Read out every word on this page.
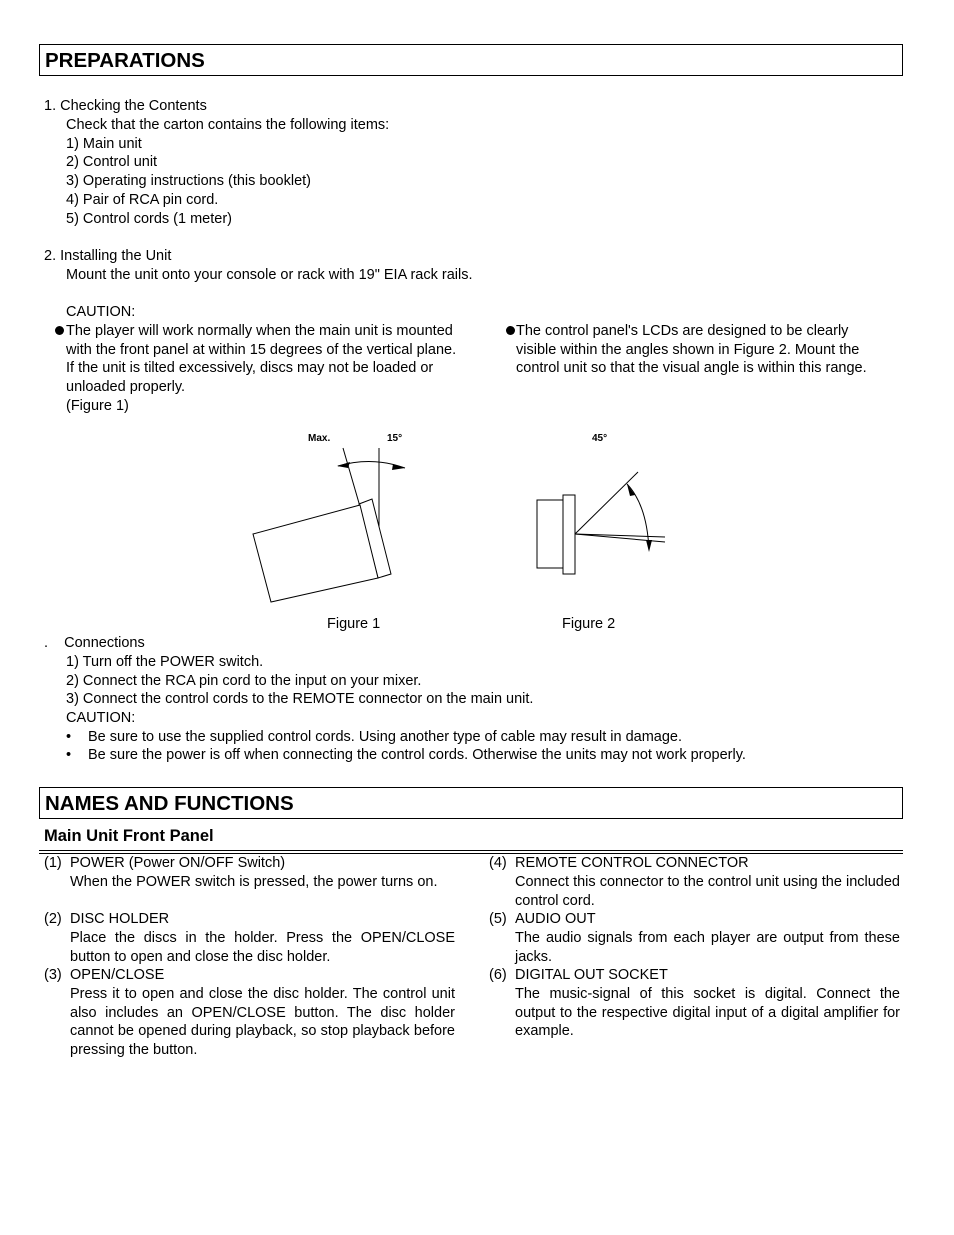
PREPARATIONS
1. Checking the Contents
Check that the carton contains the following items:
1) Main unit
2) Control unit
3) Operating instructions (this booklet)
4) Pair of RCA pin cord.
5) Control cords (1 meter)
2. Installing the Unit
Mount the unit onto your console or rack with 19" EIA rack rails.
CAUTION:
The player will work normally when the main unit is mounted with the front panel at within 15 degrees of the vertical plane. If the unit is tilted excessively, discs may not be loaded or unloaded properly.
(Figure 1)
The control panel's LCDs are designed to be clearly visible within the angles shown in Figure 2. Mount the control unit so that the visual angle is within this range.
Max.	15°	45°
Figure 1	Figure 2
.    Connections
1) Turn off the POWER switch.
2) Connect the RCA pin cord to the input on your mixer.
3) Connect the control cords to the REMOTE connector on the main unit.
CAUTION:
• Be sure to use the supplied control cords. Using another type of cable may result in damage.
• Be sure the power is off when connecting the control cords. Otherwise the units may not work properly.
NAMES AND FUNCTIONS
Main Unit Front Panel
(1) POWER (Power ON/OFF Switch)
When the POWER switch is pressed, the power turns on.
(2) DISC HOLDER
Place the discs in the holder. Press the OPEN/CLOSE button to open and close the disc holder.
(3) OPEN/CLOSE
Press it to open and close the disc holder. The control unit also includes an OPEN/CLOSE button. The disc holder cannot be opened during playback, so stop playback before pressing the button.
(4) REMOTE CONTROL CONNECTOR
Connect this connector to the control unit using the included control cord.
(5) AUDIO OUT
The audio signals from each player are output from these jacks.
(6) DIGITAL OUT SOCKET
The music-signal of this socket is digital. Connect the output to the respective digital input of a digital amplifier for example.
